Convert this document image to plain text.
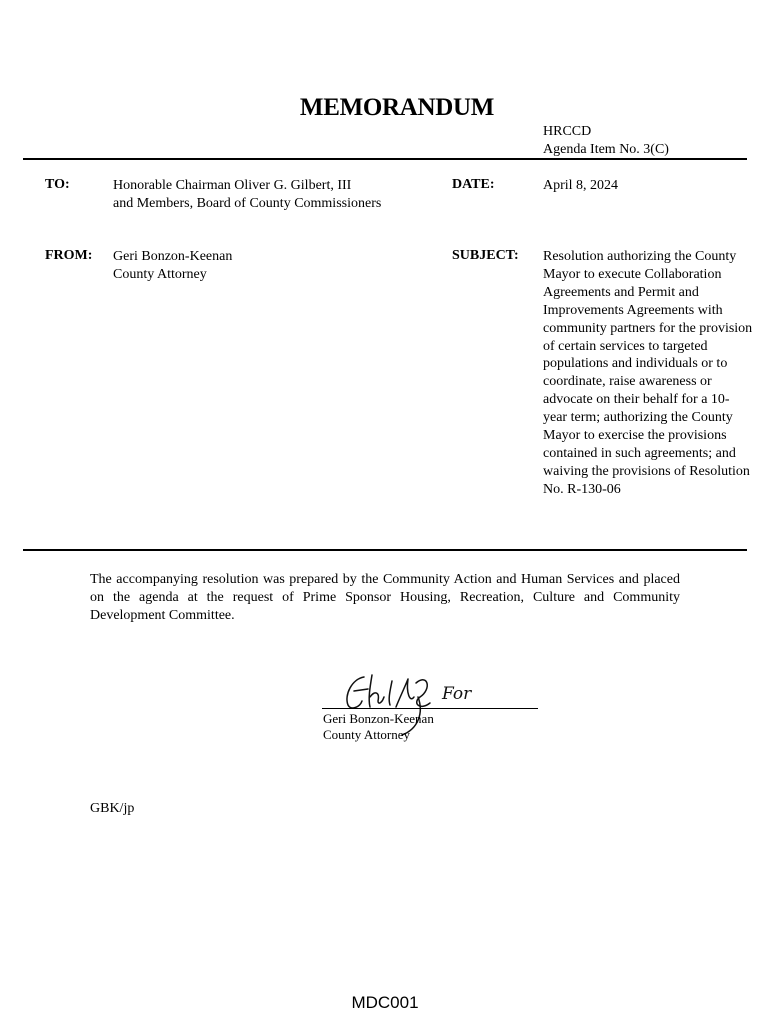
MEMORANDUM
HRCCD
Agenda Item No. 3(C)
TO:	Honorable Chairman Oliver G. Gilbert, III
and Members, Board of County Commissioners
DATE:	April 8, 2024
FROM: Geri Bonzon-Keenan
County Attorney
SUBJECT: Resolution authorizing the County Mayor to execute Collaboration Agreements and Permit and Improvements Agreements with community partners for the provision of certain services to targeted populations and individuals or to coordinate, raise awareness or advocate on their behalf for a 10-year term; authorizing the County Mayor to exercise the provisions contained in such agreements; and waiving the provisions of Resolution No. R-130-06
The accompanying resolution was prepared by the Community Action and Human Services and placed on the agenda at the request of Prime Sponsor Housing, Recreation, Culture and Community Development Committee.
For
Geri Bonzon-Keenan
County Attorney
GBK/jp
MDC001
